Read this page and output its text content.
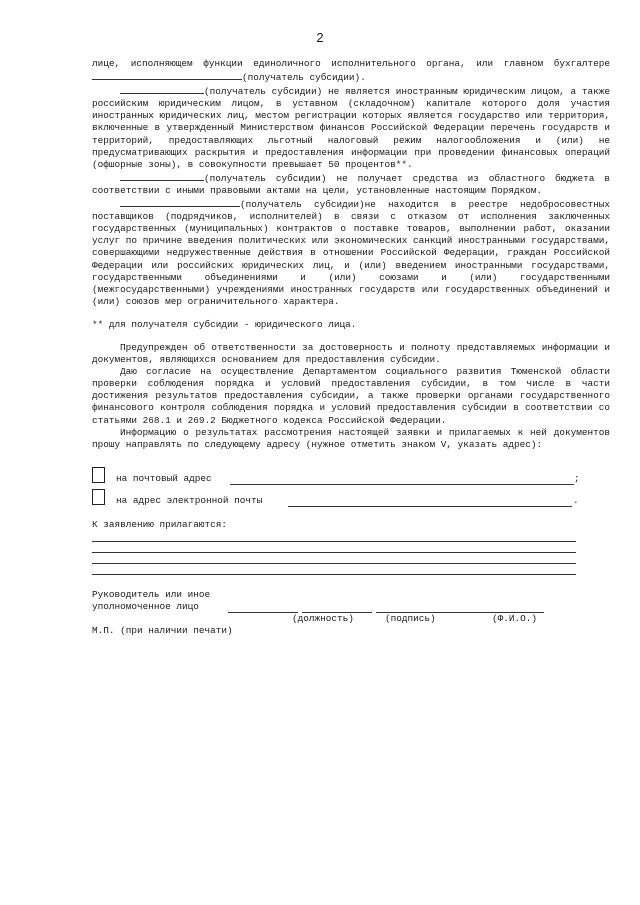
2

лице, исполняющем функции единоличного исполнительного органа, или главном бухгалтере (получатель субсидии).

(получатель субсидии) не является иностранным юридическим лицом, а также российским юридическим лицом, в уставном (складочном) капитале которого доля участия иностранных юридических лиц, местом регистрации которых является государство или территория, включенные в утвержденный Министерством финансов Российской Федерации перечень государств и территорий, предоставляющих льготный налоговый режим налогообложения и (или) не предусматривающих раскрытия и предоставления информации при проведении финансовых операций (офшорные зоны), в совокупности превышает 50 процентов**.

(получатель субсидии) не получает средства из областного бюджета в соответствии с иными правовыми актами на цели, установленные настоящим Порядком.

(получатель субсидии)не находится в реестре недобросовестных поставщиков (подрядчиков, исполнителей) в связи с отказом от исполнения заключенных государственных (муниципальных) контрактов о поставке товаров, выполнении работ, оказании услуг по причине введения политических или экономических санкций иностранными государствами, совершающими недружественные действия в отношении Российской Федерации, граждан Российской Федерации или российских юридических лиц, и (или) введением иностранными государствами, государственными объединениями и (или) союзами и (или) государственными (межгосударственными) учреждениями иностранных государств или государственных объединений и (или) союзов мер ограничительного характера.

** для получателя субсидии - юридического лица.

Предупрежден об ответственности за достоверность и полноту представляемых информации и документов, являющихся основанием для предоставления субсидии.

Даю согласие на осуществление Департаментом социального развития Тюменской области проверки соблюдения порядка и условий предоставления субсидии, в том числе в части достижения результатов предоставления субсидии, а также проверки органами государственного финансового контроля соблюдения порядка и условий предоставления субсидии в соответствии со статьями 268.1 и 269.2 Бюджетного кодекса Российской Федерации.

Информацию о результатах рассмотрения настоящей заявки и прилагаемых к ней документов прошу направлять по следующему адресу (нужное отметить знаком V, указать адрес):

на почтовый адрес	;
на адрес электронной почты	.

К заявлению прилагаются:

Руководитель или иное
уполномоченное лицо
(должность)	(подпись)	(Ф.И.О.)
М.П. (при наличии печати)
